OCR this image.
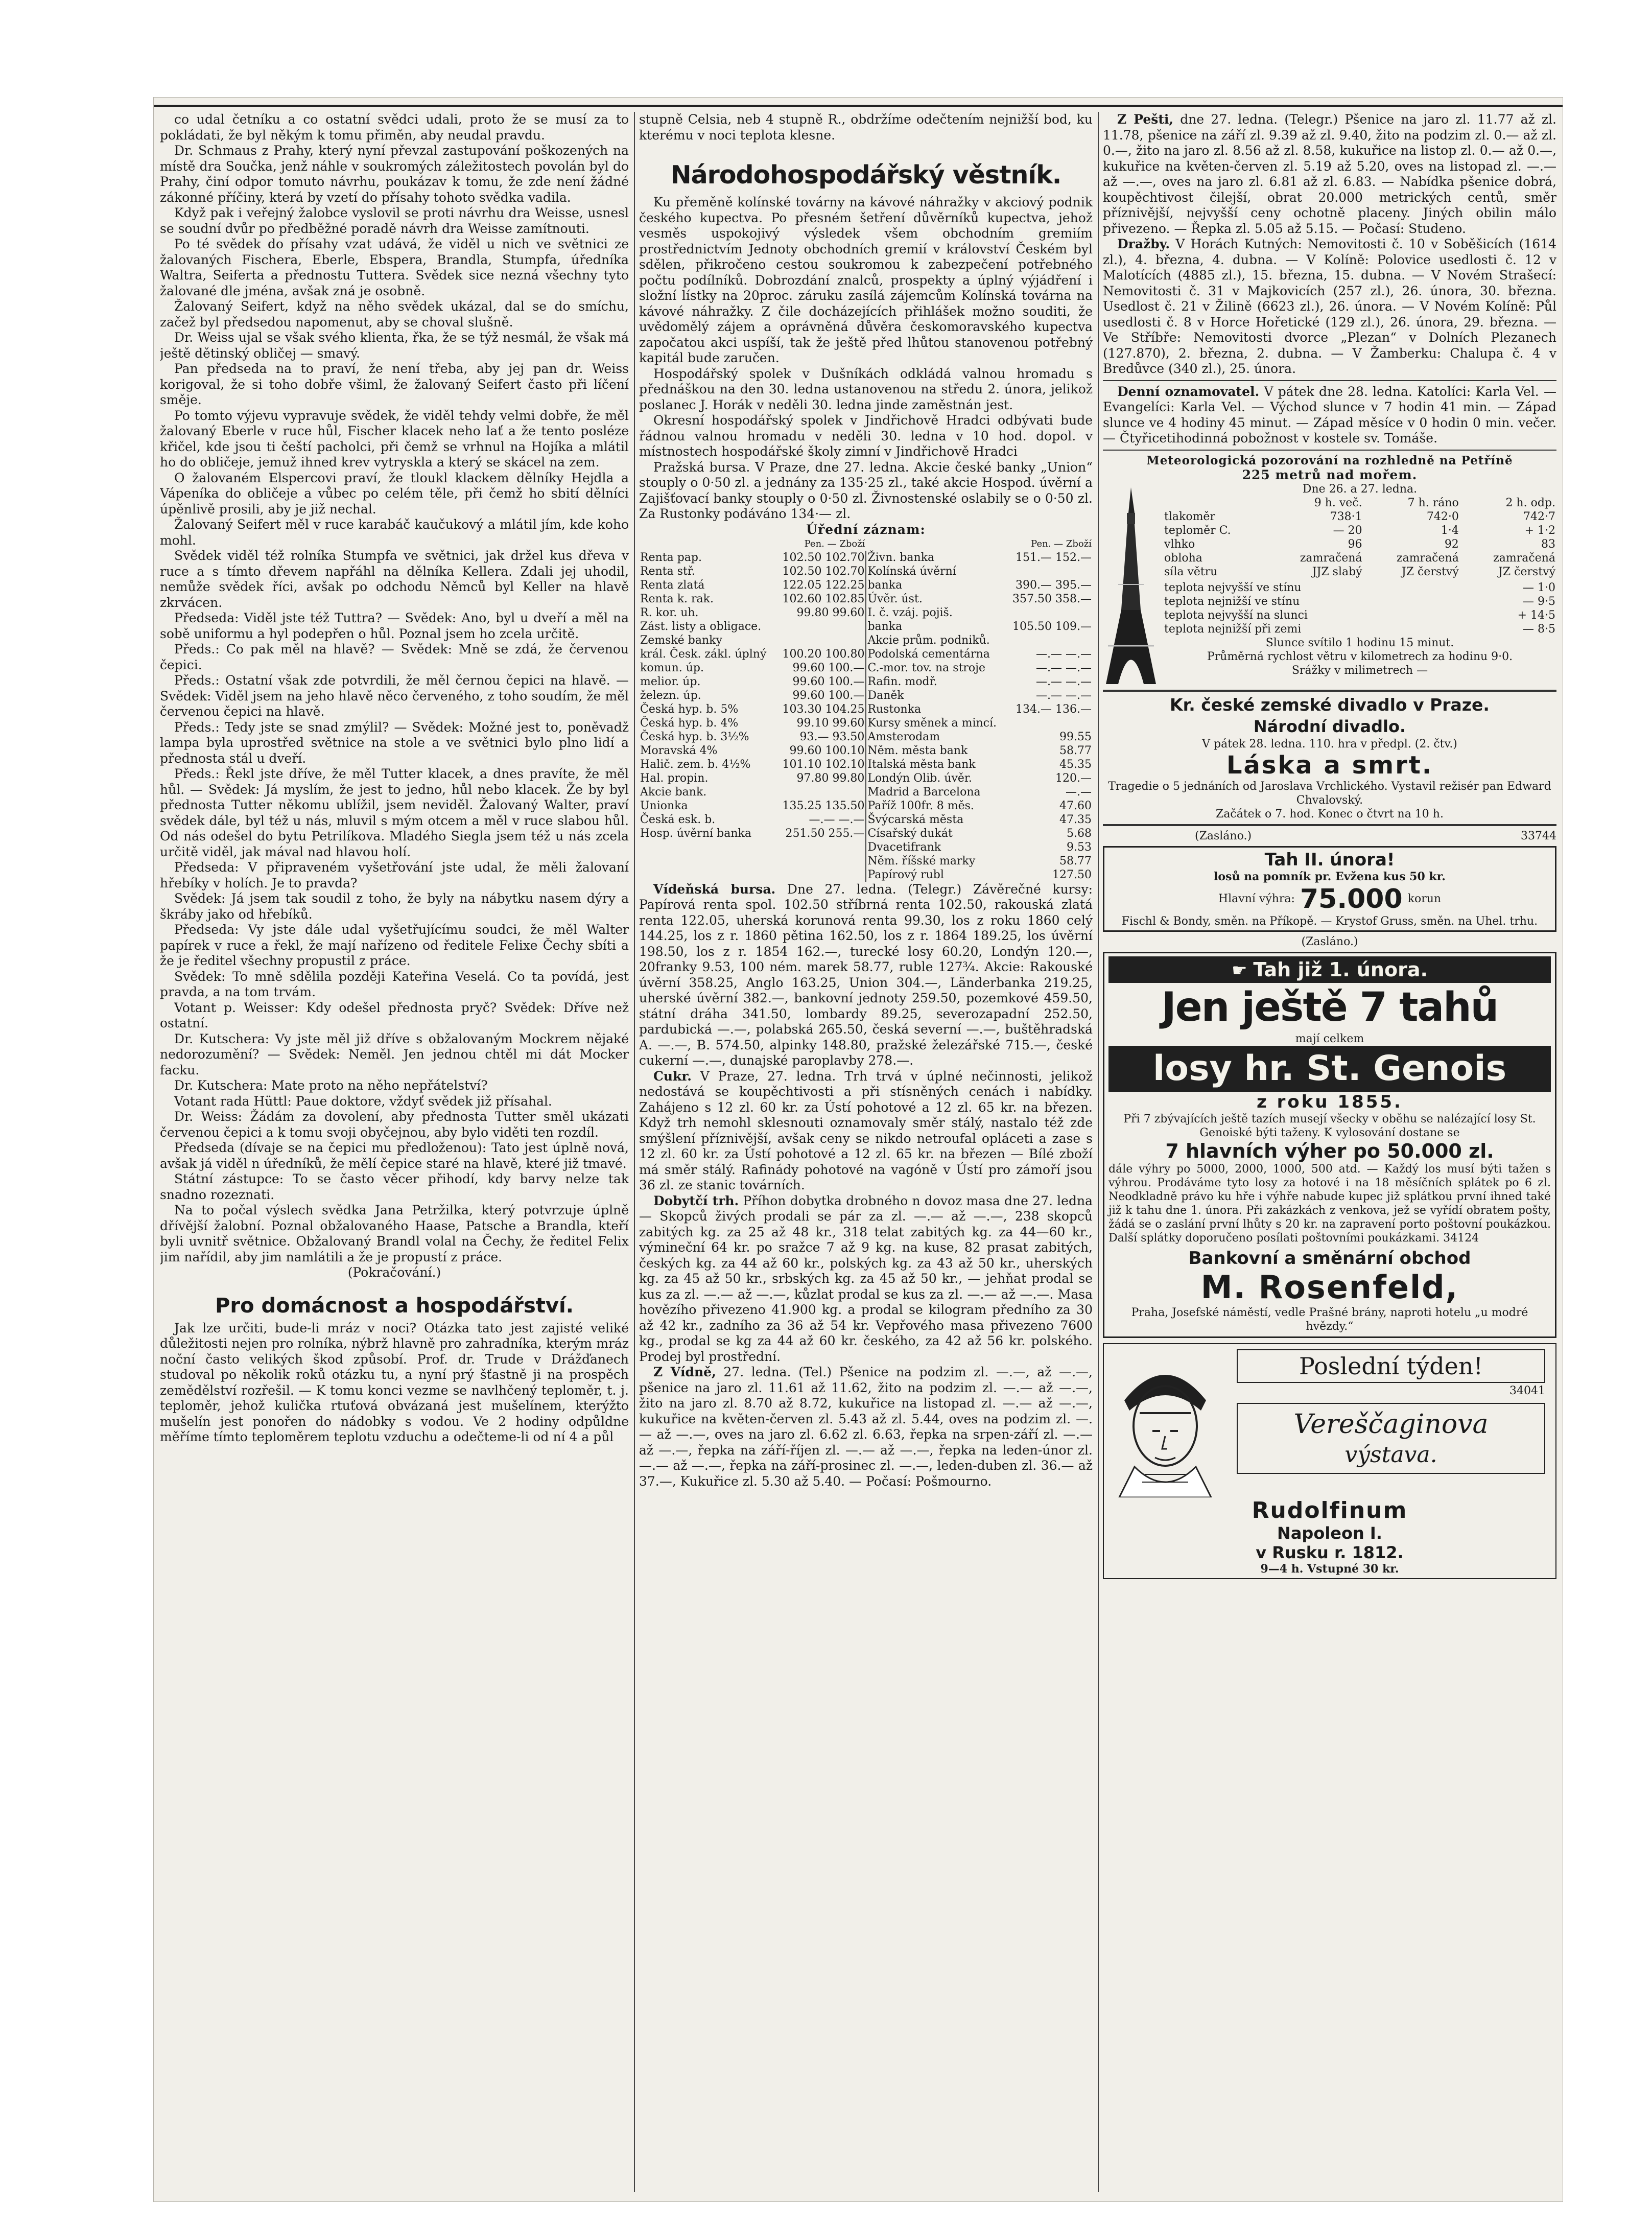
co udal četníku a co ostatní svědci udali, proto že se musí za to pokládati, že byl někým k tomu přiměn, aby neudal pravdu.

Dr. Schmaus z Prahy, který nyní převzal zastupování poškozených na místě dra Součka, jenž náhle v soukromých záležitostech povolán byl do Prahy, činí odpor tomuto návrhu, poukázav k tomu, že zde není žádné zákonné příčiny, která by vzetí do přísahy tohoto svědka vadila.

Když pak i veřejný žalobce vyslovil se proti návrhu dra Weisse, usnesl se soudní dvůr po předběžné poradě návrh dra Weisse zamítnouti.

Po té svědek do přísahy vzat udává, že viděl u nich ve světnici ze žalovaných Fischera, Eberle, Ebspera, Brandla, Stumpfa, úředníka Waltra, Seiferta a přednostu Tuttera. Svědek sice nezná všechny tyto žalované dle jména, avšak zná je osobně.

Žalovaný Seifert, když na něho svědek ukázal, dal se do smíchu, začež byl předsedou napomenut, aby se choval slušně.

Dr. Weiss ujal se však svého klienta, řka, že se týž nesmál, že však má ještě dětinský obličej — smavý.

Pan předseda na to praví, že není třeba, aby jej pan dr. Weiss korigoval, že si toho dobře všiml, že žalovaný Seifert často při líčení směje.

Po tomto výjevu vypravuje svědek, že viděl tehdy velmi dobře, že měl žalovaný Eberle v ruce hůl, Fischer klacek neho lať a že tento posléze křičel, kde jsou ti čeští pacholci, při čemž se vrhnul na Hojíka a mlátil ho do obličeje, jemuž ihned krev vytryskla a který se skácel na zem.

O žalovaném Elspercovi praví, že tloukl klackem dělníky Hejdla a Vápeníka do obličeje a vůbec po celém těle, při čemž ho sbití dělníci úpěnlivě prosili, aby je již nechal.

Žalovaný Seifert měl v ruce karabáč kaučukový a mlátil jím, kde koho mohl.

Svědek viděl též rolníka Stumpfa ve světnici, jak držel kus dřeva v ruce a s tímto dřevem napřáhl na dělníka Kellera. Zdali jej uhodil, nemůže svědek říci, avšak po odchodu Němců byl Keller na hlavě zkrvácen.

Předseda: Viděl jste též Tuttra? — Svědek: Ano, byl u dveří a měl na sobě uniformu a hyl podepřen o hůl. Poznal jsem ho zcela určitě.

Předs.: Co pak měl na hlavě? — Svědek: Mně se zdá, že červenou čepici.

Předs.: Ostatní však zde potvrdili, že měl černou čepici na hlavě. — Svědek: Viděl jsem na jeho hlavě něco červeného, z toho soudím, že měl červenou čepici na hlavě.

Předs.: Tedy jste se snad zmýlil? — Svědek: Možné jest to, poněvadž lampa byla uprostřed světnice na stole a ve světnici bylo plno lidí a přednosta stál u dveří.

Předs.: Řekl jste dříve, že měl Tutter klacek, a dnes pravíte, že měl hůl. — Svědek: Já myslím, že jest to jedno, hůl nebo klacek. Že by byl přednosta Tutter někomu ublížil, jsem neviděl. Žalovaný Walter, praví svědek dále, byl též u nás, mluvil s mým otcem a měl v ruce slabou hůl. Od nás odešel do bytu Petrilíkova. Mladého Siegla jsem též u nás zcela určitě viděl, jak mával nad hlavou holí.

Předseda: V připraveném vyšetřování jste udal, že měli žalovaní hřebíky v holích. Je to pravda?

Svědek: Já jsem tak soudil z toho, že byly na nábytku nasem dýry a škráby jako od hřebíků.

Předseda: Vy jste dále udal vyšetřujícímu soudci, že měl Walter papírek v ruce a řekl, že mají nařízeno od ředitele Felixe Čechy sbíti a že je ředitel všechny propustil z práce.

Svědek: To mně sdělila později Kateřina Veselá. Co ta povídá, jest pravda, a na tom trvám.

Votant p. Weisser: Kdy odešel přednosta pryč? Svědek: Dříve než ostatní.

Dr. Kutschera: Vy jste měl již dříve s obžalovaným Mockrem nějaké nedorozumění? — Svědek: Neměl. Jen jednou chtěl mi dát Mocker facku.

Dr. Kutschera: Mate proto na něho nepřátelství?

Votant rada Hüttl: Paue doktore, vždyť svědek již přísahal.

Dr. Weiss: Žádám za dovolení, aby přednosta Tutter směl ukázati červenou čepici a k tomu svoji obyčejnou, aby bylo viděti ten rozdíl.

Předseda (dívaje se na čepici mu předloženou): Tato jest úplně nová, avšak já viděl n úředníků, že mělí čepice staré na hlavě, které již tmavé.

Státní zástupce: To se často věcer přihodí, kdy barvy nelze tak snadno rozeznati.

Na to počal výslech svědka Jana Petržilka, který potvrzuje úplně dřívější žalobní. Poznal obžalovaného Haase, Patsche a Brandla, kteří byli uvnitř světnice. Obžalovaný Brandl volal na Čechy, že ředitel Felix jim nařídil, aby jim namlátili a že je propustí z práce.

(Pokračování.)

Pro domácnost a hospodářství.

Jak lze určiti, bude-li mráz v noci? Otázka tato jest zajisté veliké důležitosti nejen pro rolníka, nýbrž hlavně pro zahradníka, kterým mráz noční často velikých škod způsobí. Prof. dr. Trude v Drážďanech studoval po několik roků otázku tu, a nyní prý šťastně ji na prospěch zemědělství rozřešil. — K tomu konci vezme se navlhčený teploměr, t. j. teploměr, jehož kulička rtuťová obvázaná jest mušelínem, kterýžto mušelín jest ponořen do nádobky s vodou. Ve 2 hodiny odpůldne měříme tímto teploměrem teplotu vzduchu a odečteme-li od ní 4 a půl

stupně Celsia, neb 4 stupně R., obdržíme odečtením nejnižší bod, ku kterému v noci teplota klesne.

Národohospodářský věstník.

Ku přeměně kolínské továrny na kávové náhražky v akciový podnik českého kupectva. Po přesném šetření důvěrníků kupectva, jehož vesměs uspokojivý výsledek všem obchodním gremiím prostřednictvím Jednoty obchodních gremií v království Českém byl sdělen, přikročeno cestou soukromou k zabezpečení potřebného počtu podílníků. Dobrozdání znalců, prospekty a úplný výjádření i složní lístky na 20proc. záruku zasílá zájemcům Kolínská továrna na kávové náhražky. Z čile docházejících přihlášek možno souditi, že uvědomělý zájem a oprávněná důvěra českomoravského kupectva započatou akci uspíší, tak že ještě před lhůtou stanovenou potřebný kapitál bude zaručen.

Hospodářský spolek v Dušníkách odkládá valnou hromadu s přednáškou na den 30. ledna ustanovenou na středu 2. února, jelikož poslanec J. Horák v neděli 30. ledna jinde zaměstnán jest.

Okresní hospodářský spolek v Jindřichově Hradci odbývati bude řádnou valnou hromadu v neděli 30. ledna v 10 hod. dopol. v místnostech hospodářské školy zimní v Jindřichově Hradci

Pražská bursa. V Praze, dne 27. ledna. Akcie české banky „Union“ stouply o 0·50 zl. a jednány za 135·25 zl., také akcie Hospod. úvěrní a Zajišťovací banky stouply o 0·50 zl. Živnostenské oslabily se o 0·50 zl. Za Rustonky podáváno 134·— zl.

Úřední záznam:
	Pen. — Zboží		Pen. — Zboží
Renta pap.	102.50 102.70	Živn. banka	151.— 152.—
Renta stř.	102.50 102.70	Kolínská úvěrní	
Renta zlatá	122.05 122.25	banka	390.— 395.—
Renta k. rak.	102.60 102.85	Úvěr. úst.	357.50 358.—
R. kor. uh.	99.80 99.60	I. č. vzáj. pojiš.	
Zást. listy a obligace.		banka	105.50 109.—
Zemské banky		Akcie prům. podniků.	
král. Česk. zákl. úplný	100.20 100.80	Podolská cementárna	—.— —.—
komun. úp.	99.60 100.—	C.-mor. tov. na stroje	—.— —.—
melior. úp.	99.60 100.—	Rafin. modř.	—.— —.—
železn. úp.	99.60 100.—	Daněk	—.— —.—
Česká hyp. b. 5%	103.30 104.25	Rustonka	134.— 136.—
Česká hyp. b. 4%	99.10 99.60	Kursy směnek a mincí.	
Česká hyp. b. 3½%	93.— 93.50	Amsterodam	99.55
Moravská 4%	99.60 100.10	Něm. města bank	58.77
Halič. zem. b. 4½%	101.10 102.10	Italská města bank	45.35
Hal. propin.	97.80 99.80	Londýn Olib. úvěr.	120.—
Akcie bank.		Madrid a Barcelona	—.—
Unionka	135.25 135.50	Paříž 100fr. 8 měs.	47.60
Česká esk. b.	—.— —.—	Švýcarská města	47.35
Hosp. úvěrní banka	251.50 255.—	Císařský dukát	5.68
		Dvacetifrank	9.53
		Něm. říšské marky	58.77
		Papírový rubl	127.50

Vídeňská bursa. Dne 27. ledna. (Telegr.) Závěrečné kursy: Papírová renta spol. 102.50 stříbrná renta 102.50, rakouská zlatá renta 122.05, uherská korunová renta 99.30, los z roku 1860 celý 144.25, los z r. 1860 pětina 162.50, los z r. 1864 189.25, los úvěrní 198.50, los z r. 1854 162.—, turecké losy 60.20, Londýn 120.—, 20franky 9.53, 100 ném. marek 58.77, ruble 127¾. Akcie: Rakouské úvěrní 358.25, Anglo 163.25, Union 304.—, Länderbanka 219.25, uherské úvěrní 382.—, bankovní jednoty 259.50, pozemkové 459.50, státní dráha 341.50, lombardy 89.25, severozapadní 252.50, pardubická —.—, polabská 265.50, česká severní —.—, buštěhradská A. —.—, B. 574.50, alpinky 148.80, pražské železářské 715.—, české cukerní —.—, dunajské paroplavby 278.—.

Cukr. V Praze, 27. ledna. Trh trvá v úplné nečinnosti, jelikož nedostává se koupěchtivosti a při stísněných cenách i nabídky. Zahájeno s 12 zl. 60 kr. za Ústí pohotové a 12 zl. 65 kr. na březen. Když trh nemohl sklesnouti oznamovaly směr stálý, nastalo též zde smýšlení příznivější, avšak ceny se nikdo netroufal opláceti a zase s 12 zl. 60 kr. za Ústí pohotové a 12 zl. 65 kr. na březen — Bílé zboží má směr stálý. Rafinády pohotové na vagóně v Ústí pro zámoří jsou 36 zl. ze stanic továrních.

Dobytčí trh. Příhon dobytka drobného n dovoz masa dne 27. ledna — Skopců živých prodali se pár za zl. —.— až —.—, 238 skopců zabitých kg. za 25 až 48 kr., 318 telat zabitých kg. za 44—60 kr., výmineční 64 kr. po sražce 7 až 9 kg. na kuse, 82 prasat zabitých, českých kg. za 44 až 60 kr., polských kg. za 43 až 50 kr., uherských kg. za 45 až 50 kr., srbských kg. za 45 až 50 kr., — jehňat prodal se kus za zl. —.— až —.—, kůzlat prodal se kus za zl. —.— až —.—. Masa hovězího přivezeno 41.900 kg. a prodal se kilogram předního za 30 až 42 kr., zadního za 36 až 54 kr. Vepřového masa přivezeno 7600 kg., prodal se kg za 44 až 60 kr. českého, za 42 až 56 kr. polského. Prodej byl prostřední.

Z Vídně, 27. ledna. (Tel.) Pšenice na podzim zl. —.—, až —.—, pšenice na jaro zl. 11.61 až 11.62, žito na podzim zl. —.— až —.—, žito na jaro zl. 8.70 až 8.72, kukuřice na listopad zl. —.— až —.—, kukuřice na květen-červen zl. 5.43 až zl. 5.44, oves na podzim zl. —.— až —.—, oves na jaro zl. 6.62 zl. 6.63, řepka na srpen-září zl. —.— až —.—, řepka na září-říjen zl. —.— až —.—, řepka na leden-únor zl. —.— až —.—, řepka na září-prosinec zl. —.—, leden-duben zl. 36.— až 37.—, Kukuřice zl. 5.30 až 5.40. — Počasí: Pošmourno.

Z Pešti, dne 27. ledna. (Telegr.) Pšenice na jaro zl. 11.77 až zl. 11.78, pšenice na září zl. 9.39 až zl. 9.40, žito na podzim zl. 0.— až zl. 0.—, žito na jaro zl. 8.56 až zl. 8.58, kukuřice na listop zl. 0.— až 0.—, kukuřice na květen-červen zl. 5.19 až 5.20, oves na listopad zl. —.— až —.—, oves na jaro zl. 6.81 až zl. 6.83. — Nabídka pšenice dobrá, koupěchtivost čilejší, obrat 20.000 metrických centů, směr příznivější, nejvyšší ceny ochotně placeny. Jiných obilin málo přivezeno. — Řepka zl. 5.05 až 5.15. — Počasí: Studeno.

Dražby. V Horách Kutných: Nemovitosti č. 10 v Soběšicích (1614 zl.), 4. března, 4. dubna. — V Kolíně: Polovice usedlosti č. 12 v Malotících (4885 zl.), 15. března, 15. dubna. — V Novém Strašecí: Nemovitosti č. 31 v Majkovicích (257 zl.), 26. února, 30. března. Usedlost č. 21 v Žilině (6623 zl.), 26. února. — V Novém Kolíně: Půl usedlosti č. 8 v Horce Hořetické (129 zl.), 26. února, 29. března. — Ve Stříbře: Nemovitosti dvorce „Plezan“ v Dolních Plezanech (127.870), 2. března, 2. dubna. — V Žamberku: Chalupa č. 4 v Bredůvce (340 zl.), 25. února.

Denní oznamovatel. V pátek dne 28. ledna. Katolíci: Karla Vel. — Evangelíci: Karla Vel. — Východ slunce v 7 hodin 41 min. — Západ slunce ve 4 hodiny 45 minut. — Západ měsíce v 0 hodin 0 min. večer. — Čtyřicetihodinná pobožnost v kostele sv. Tomáše.

Meteorologická pozorování na rozhledně na Petříně
225 metrů nad mořem.
Dne 26. a 27. ledna.
	9 h. več.	7 h. ráno	2 h. odp.
tlakoměr	738·1	742·0	742·7
teploměr C.	— 20	1·4	+ 1·2
vlhko	96	92	83
oblohа	zamračená	zamračená	zamračená
síla větru	JJZ slabý	JZ čerstvý	JZ čerstvý
teplota nejvyšší ve stínu	— 1·0
teplota nejnižší ve stínu	— 9·5
teplota nejvyšší na slunci	+ 14·5
teplota nejnižší při zemi	— 8·5
Slunce svítilo 1 hodinu 15 minut.
Průměrná rychlost větru v kilometrech za hodinu 9·0.
Srážky v milimetrech —
Kr. české zemské divadlo v Praze.
Národní divadlo.
V pátek 28. ledna. 110. hra v předpl. (2. čtv.)
Láska a smrt.
Tragedie o 5 jednáních od Jaroslava Vrchlického. Vystavil režisér pan Edward Chvalovský.
Začátek o 7. hod. Konec o čtvrt na 10 h.
(Zasláno.)	33744
Tah II. února!
losů na pomník pr. Evžena kus 50 kr.
Hlavní výhra: 75.000 korun
Fischl & Bondy, směn. na Příkopě. — Krystof Gruss, směn. na Uhel. trhu.
(Zasláno.)
☛ Tah již 1. února.
Jen ještě 7 tahů
mají celkem
losy hr. St. Genois
z roku 1855.

Při 7 zbývajících ještě tazích musejí všecky v oběhu se nalézající losy St. Genoiské býti taženy. K vylosování dostane se

7 hlavních výher po 50.000 zl.

dále výhry po 5000, 2000, 1000, 500 atd. — Každý los musí býti tažen s výhrou. Prodáváme tyto losy za hotové i na 18 měsíčních splátek po 6 zl. Neodkladně právo ku hře i výhře nabude kupec již splátkou první ihned také již k tahu dne 1. února. Při zakázkách z venkova, jež se vyřídí obratem pošty, žádá se o zaslání první lhůty s 20 kr. na zapravení porto poštovní poukázkou. Další splátky doporučeno posílati poštovními poukázkami. 34124

Bankovní a směnární obchod
M. Rosenfeld,
Praha, Josefské náměstí, vedle Prašné brány, naproti hotelu „u modré hvězdy.“
Poslední týden!
34041
Vereščaginova
výstava.
Rudolfinum
Napoleon I.
v Rusku r. 1812.
9—4 h. Vstupné 30 kr.
